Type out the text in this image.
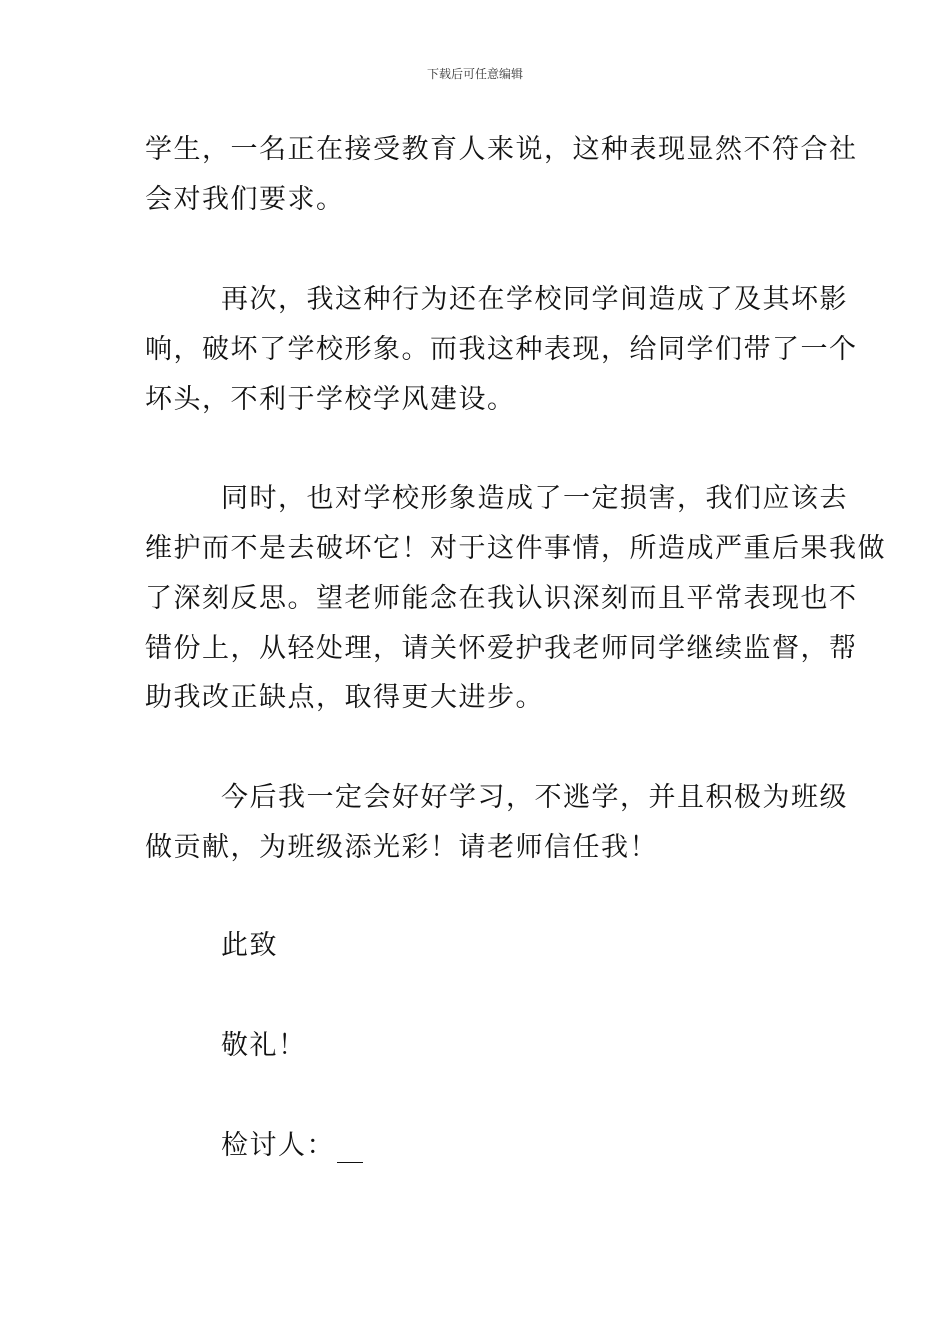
下载后可任意编辑
学生，一名正在接受教育人来说，这种表现显然不符合社
会对我们要求。
再次，我这种行为还在学校同学间造成了及其坏影
响，破坏了学校形象。而我这种表现，给同学们带了一个
坏头，不利于学校学风建设。
同时，也对学校形象造成了一定损害，我们应该去
维护而不是去破坏它！对于这件事情，所造成严重后果我做
了深刻反思。望老师能念在我认识深刻而且平常表现也不
错份上，从轻处理，请关怀爱护我老师同学继续监督，帮
助我改正缺点，取得更大进步。
今后我一定会好好学习，不逃学，并且积极为班级
做贡献，为班级添光彩！请老师信任我！
此致
敬礼！
检讨人：
